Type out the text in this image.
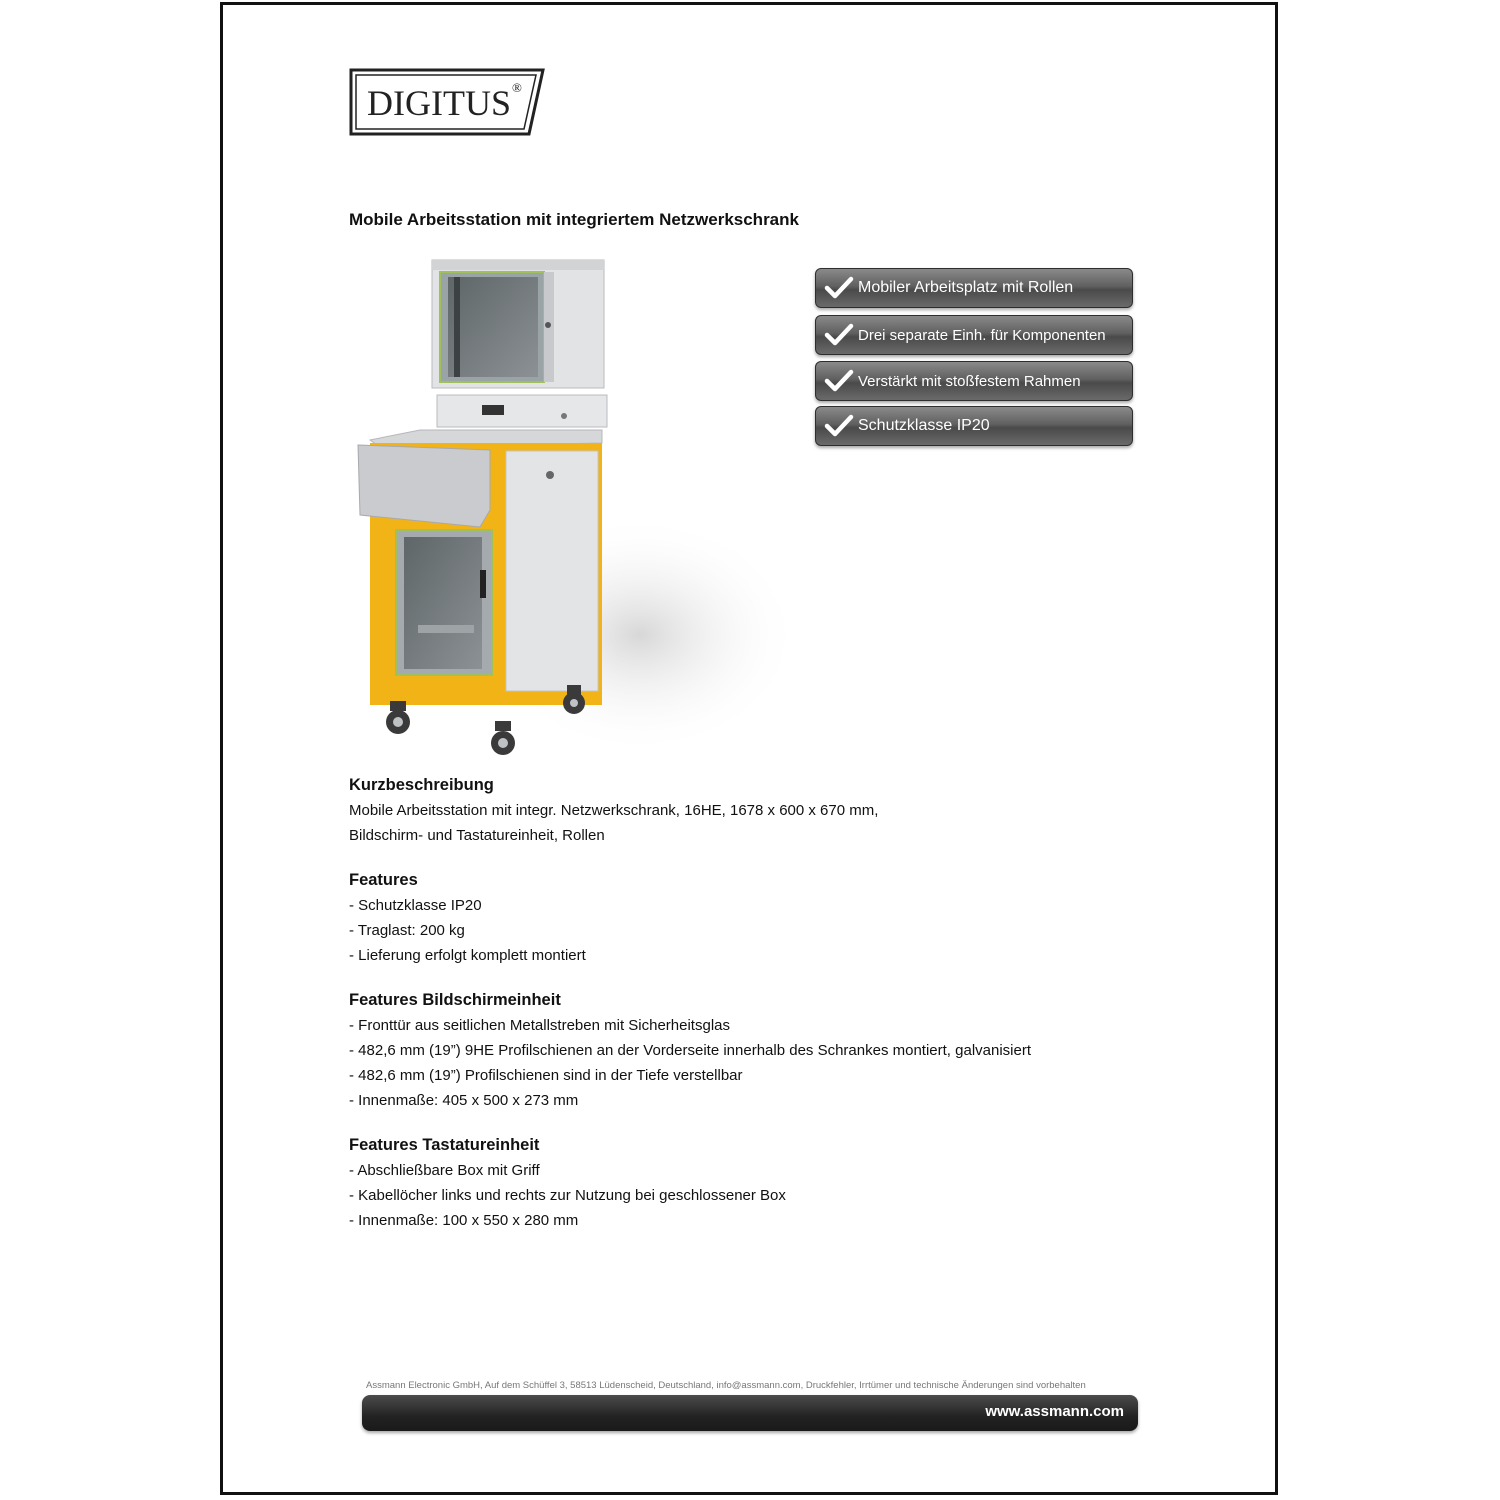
DIGITUS ®
Mobile Arbeitsstation mit integriertem Netzwerkschrank
Mobiler Arbeitsplatz mit Rollen
Drei separate Einh. für Komponenten
Verstärkt mit stoßfestem Rahmen
Schutzklasse IP20
Kurzbeschreibung

Mobile Arbeitsstation mit integr. Netzwerkschrank, 16HE, 1678 x 600 x 670 mm,

Bildschirm- und Tastatureinheit, Rollen

Features

- Schutzklasse IP20

- Traglast: 200 kg

- Lieferung erfolgt komplett montiert

Features Bildschirmeinheit

- Fronttür aus seitlichen Metallstreben mit Sicherheitsglas

- 482,6 mm (19”) 9HE Profilschienen an der Vorderseite innerhalb des Schrankes montiert, galvanisiert

- 482,6 mm (19”) Profilschienen sind in der Tiefe verstellbar

- Innenmaße: 405 x 500 x 273 mm

Features Tastatureinheit

- Abschließbare Box mit Griff

- Kabellöcher links und rechts zur Nutzung bei geschlossener Box

- Innenmaße: 100 x 550 x 280 mm

Assmann Electronic GmbH, Auf dem Schüffel 3, 58513 Lüdenscheid, Deutschland, info@assmann.com, Druckfehler, Irrtümer und technische Änderungen sind vorbehalten
www.assmann.com
